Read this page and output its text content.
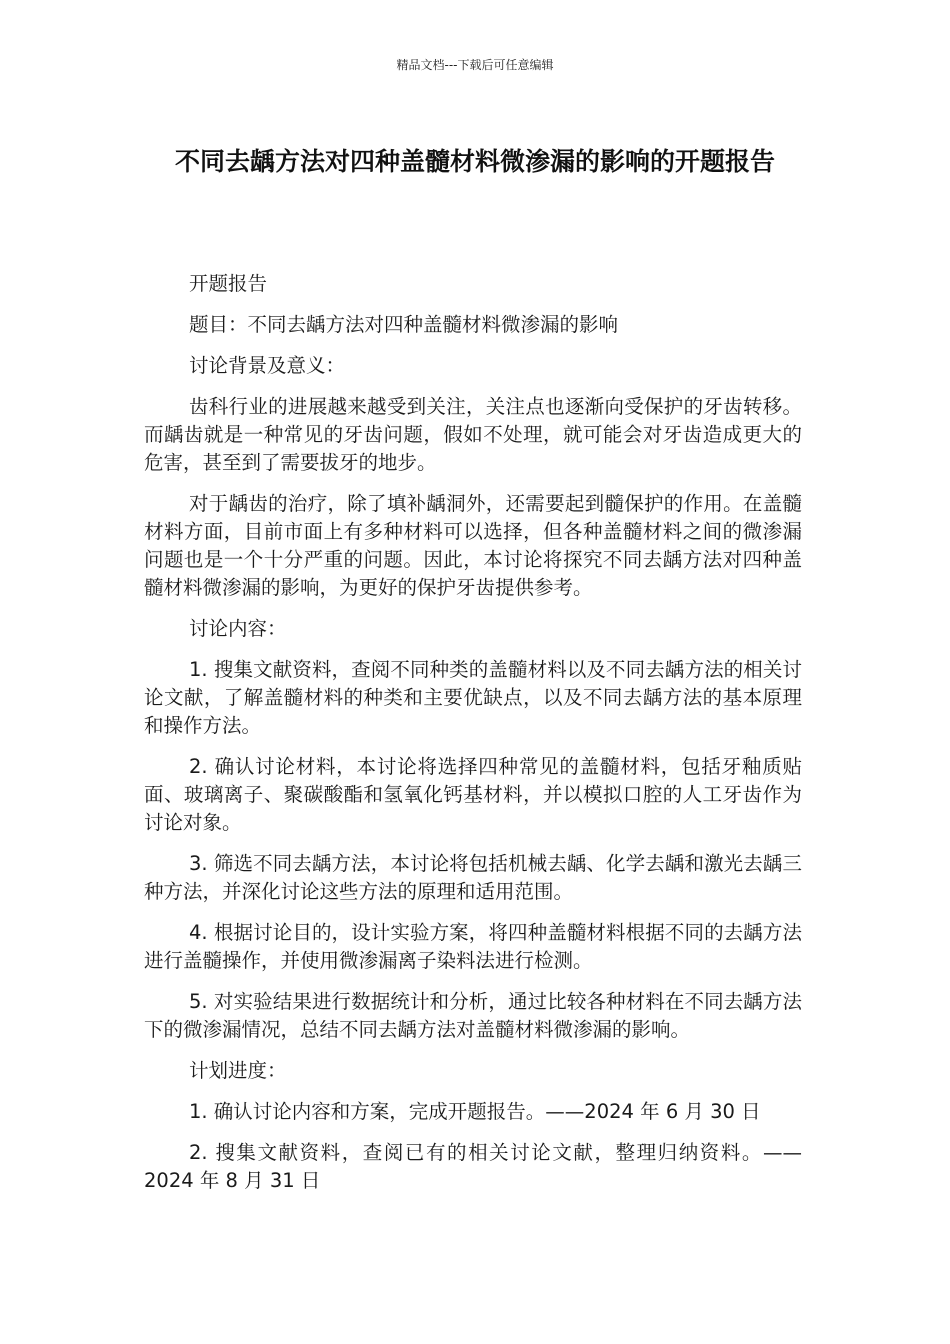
精品文档---下载后可任意编辑
不同去龋方法对四种盖髓材料微渗漏的影响的开题报告

开题报告

题目：不同去龋方法对四种盖髓材料微渗漏的影响

讨论背景及意义：

齿科行业的进展越来越受到关注，关注点也逐渐向受保护的牙齿转移。而龋齿就是一种常见的牙齿问题，假如不处理，就可能会对牙齿造成更大的危害，甚至到了需要拔牙的地步。

对于龋齿的治疗，除了填补龋洞外，还需要起到髓保护的作用。在盖髓材料方面，目前市面上有多种材料可以选择，但各种盖髓材料之间的微渗漏问题也是一个十分严重的问题。因此，本讨论将探究不同去龋方法对四种盖髓材料微渗漏的影响，为更好的保护牙齿提供参考。

讨论内容：

1. 搜集文献资料，查阅不同种类的盖髓材料以及不同去龋方法的相关讨论文献，了解盖髓材料的种类和主要优缺点，以及不同去龋方法的基本原理和操作方法。

2. 确认讨论材料，本讨论将选择四种常见的盖髓材料，包括牙釉质贴面、玻璃离子、聚碳酸酯和氢氧化钙基材料，并以模拟口腔的人工牙齿作为讨论对象。

3. 筛选不同去龋方法，本讨论将包括机械去龋、化学去龋和激光去龋三种方法，并深化讨论这些方法的原理和适用范围。

4. 根据讨论目的，设计实验方案，将四种盖髓材料根据不同的去龋方法进行盖髓操作，并使用微渗漏离子染料法进行检测。

5. 对实验结果进行数据统计和分析，通过比较各种材料在不同去龋方法下的微渗漏情况，总结不同去龋方法对盖髓材料微渗漏的影响。

计划进度：

1. 确认讨论内容和方案，完成开题报告。——2024 年 6 月 30 日

2. 搜集文献资料，查阅已有的相关讨论文献，整理归纳资料。——2024 年 8 月 31 日
